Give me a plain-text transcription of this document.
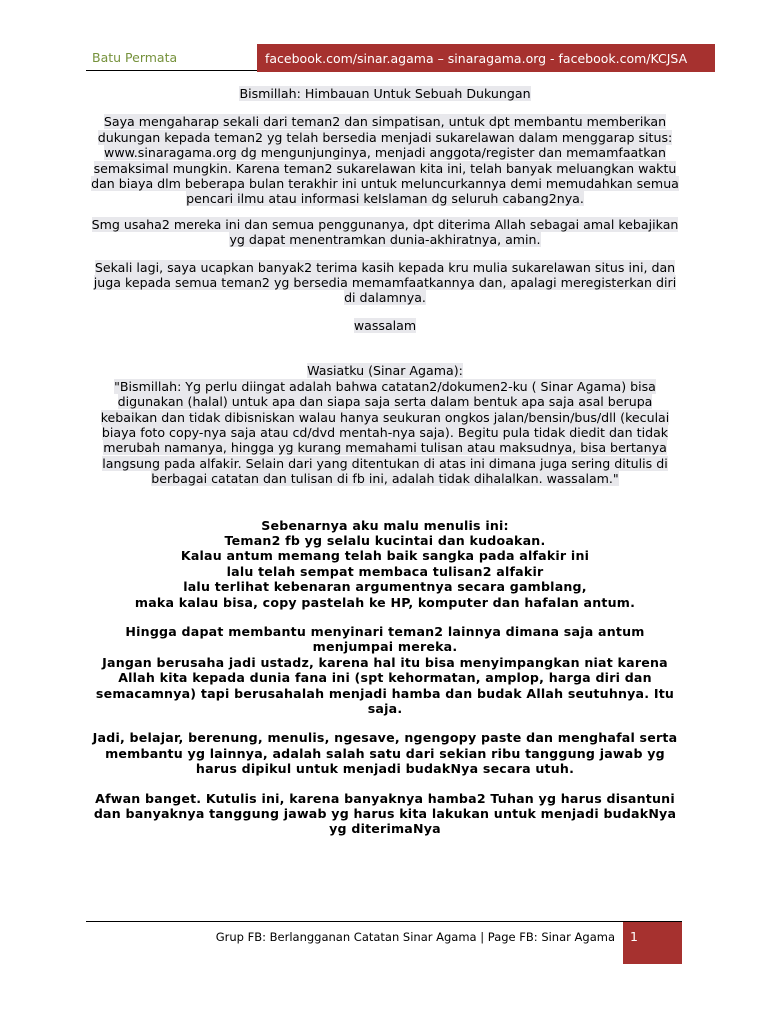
Batu Permata	facebook.com/sinar.agama – sinaragama.org - facebook.com/KCJSA

Bismillah: Himbauan Untuk Sebuah Dukungan

Saya mengaharap sekali dari teman2 dan simpatisan, untuk dpt membantu memberikan dukungan kepada teman2 yg telah bersedia menjadi sukarelawan dalam menggarap situs: www.sinaragama.org dg mengunjunginya, menjadi anggota/register dan memamfaatkan semaksimal mungkin. Karena teman2 sukarelawan kita ini, telah banyak meluangkan waktu dan biaya dlm beberapa bulan terakhir ini untuk meluncurkannya demi memudahkan semua pencari ilmu atau informasi keIslaman dg seluruh cabang2nya.

Smg usaha2 mereka ini dan semua penggunanya, dpt diterima Allah sebagai amal kebajikan yg dapat menentramkan dunia-akhiratnya, amin.

Sekali lagi, saya ucapkan banyak2 terima kasih kepada kru mulia sukarelawan situs ini, dan juga kepada semua teman2 yg bersedia memamfaatkannya dan, apalagi meregisterkan diri di dalamnya.

wassalam

Wasiatku (Sinar Agama):

"Bismillah: Yg perlu diingat adalah bahwa catatan2/dokumen2-ku ( Sinar Agama) bisa digunakan (halal) untuk apa dan siapa saja serta dalam bentuk apa saja asal berupa kebaikan dan tidak dibisniskan walau hanya seukuran ongkos jalan/bensin/bus/dll (keculai biaya foto copy-nya saja atau cd/dvd mentah-nya saja). Begitu pula tidak diedit dan tidak merubah namanya, hingga yg kurang memahami tulisan atau maksudnya, bisa bertanya langsung pada alfakir. Selain dari yang ditentukan di atas ini dimana juga sering ditulis di berbagai catatan dan tulisan di fb ini, adalah tidak dihalalkan. wassalam."

Sebenarnya aku malu menulis ini:
Teman2 fb yg selalu kucintai dan kudoakan.
Kalau antum memang telah baik sangka pada alfakir ini
lalu telah sempat membaca tulisan2 alfakir
lalu terlihat kebenaran argumentnya secara gamblang,
maka kalau bisa, copy pastelah ke HP, komputer dan hafalan antum.

Hingga dapat membantu menyinari teman2 lainnya dimana saja antum menjumpai mereka.
Jangan berusaha jadi ustadz, karena hal itu bisa menyimpangkan niat karena Allah kita kepada dunia fana ini (spt kehormatan, amplop, harga diri dan semacamnya) tapi berusahalah menjadi hamba dan budak Allah seutuhnya. Itu saja.

Jadi, belajar, berenung, menulis, ngesave, ngengopy paste dan menghafal serta membantu yg lainnya, adalah salah satu dari sekian ribu tanggung jawab yg harus dipikul untuk menjadi budakNya secara utuh.

Afwan banget. Kutulis ini, karena banyaknya hamba2 Tuhan yg harus disantuni dan banyaknya tanggung jawab yg harus kita lakukan untuk menjadi budakNya yg diterimaNya

Grup FB: Berlangganan Catatan Sinar Agama | Page FB: Sinar Agama	1
